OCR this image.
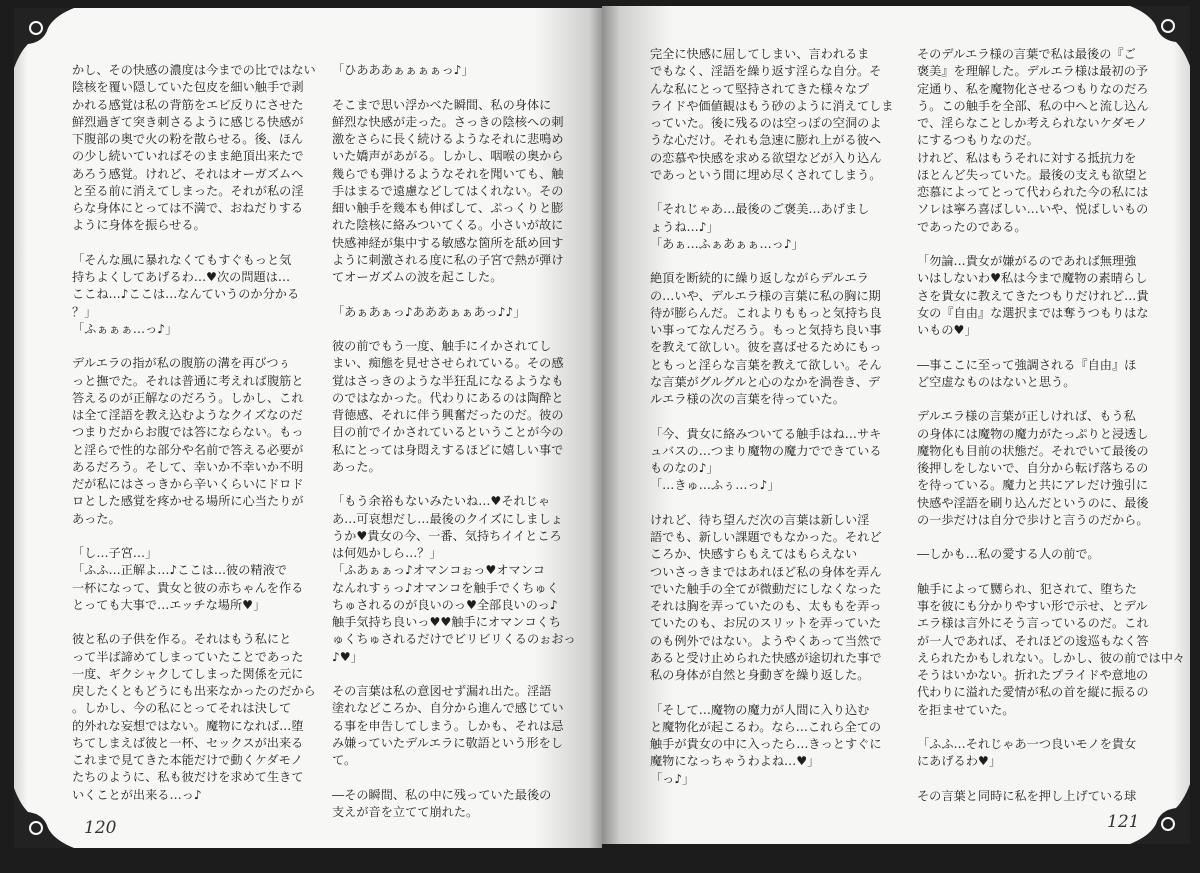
かし、その快感の濃度は今までの比ではない
陰核を覆い隠していた包皮を細い触手で剥
かれる感覚は私の背筋をエビ反りにさせた
鮮烈過ぎて突き刺さるように感じる快感が
下腹部の奥で火の粉を散らせる。後、ほん
の少し続いていればそのまま絶頂出来たで
あろう感覚。けれど、それはオーガズムへ
と至る前に消えてしまった。それが私の淫
らな身体にとっては不満で、おねだりする
ように身体を振らせる。
「そんな風に暴れなくてもすぐもっと気
持ちよくしてあげるわ…♥次の問題は…
ここね…♪ここは…なんていうのか分かる
？」
「ふぁぁぁ…っ♪」
デルエラの指が私の腹筋の溝を再びつぅ
っと撫でた。それは普通に考えれば腹筋と
答えるのが正解なのだろう。しかし、これ
は全て淫語を教え込むようなクイズなのだ
つまりだからお腹では答にならない。もっ
と淫らで性的な部分や名前で答える必要が
あるだろう。そして、幸いか不幸いか不明
だが私にはさっきから辛いくらいにドロド
ロとした感覚を疼かせる場所に心当たりが
あった。
「し…子宮…」
「ふふ…正解よ…♪ここは…彼の精液で
一杯になって、貴女と彼の赤ちゃんを作る
とっても大事で…エッチな場所♥」
彼と私の子供を作る。それはもう私にと
って半ば諦めてしまっていたことであった
一度、ギクシャクしてしまった関係を元に
戻したくともどうにも出来なかったのだから
。しかし、今の私にとってそれは決して
的外れな妄想ではない。魔物になれば…堕
ちてしまえば彼と一杯、セックスが出来る
これまで見てきた本能だけで動くケダモノ
たちのように、私も彼だけを求めて生きて
いくことが出来る…っ♪
「ひあああぁぁぁぁっ♪」
そこまで思い浮かべた瞬間、私の身体に
鮮烈な快感が走った。さっきの陰核への刺
激をさらに長く続けるようなそれに悲鳴め
いた嬌声があがる。しかし、咽喉の奥から
幾らでも弾けるようなそれを聞いても、触
手はまるで遠慮などしてはくれない。その
細い触手を幾本も伸ばして、ぷっくりと膨
れた陰核に絡みついてくる。小さいが故に
快感神経が集中する敏感な箇所を舐め回す
ように刺激される度に私の子宮で熱が弾け
てオーガズムの波を起こした。
「あぁあぁっ♪あああぁぁあっ♪♪」
彼の前でもう一度、触手にイかされてし
まい、痴態を見せさせられている。その感
覚はさっきのような半狂乱になるようなも
のではなかった。代わりにあるのは陶酔と
背徳感、それに伴う興奮だったのだ。彼の
目の前でイかされているということが今の
私にとっては身悶えするほどに嬉しい事で
あった。
「もう余裕もないみたいね…♥それじゃ
あ…可哀想だし…最後のクイズにしましょ
うか♥貴女の今、一番、気持ちイイところ
は何処かしら…？」
「ふあぁぁっ♪オマンコぉっ♥オマンコ
なんれすぅっ♪オマンコを触手でくちゅく
ちゅされるのが良いのっ♥全部良いのっ♪
触手気持ち良いっ♥♥触手にオマンコくち
ゅくちゅされるだけでビリビリくるのぉおっ
♪♥」
その言葉は私の意図せず漏れ出た。淫語
塗れなどころか、自分から進んで感じてい
る事を申告してしまう。しかも、それは忌
み嫌っていたデルエラに敬語という形をし
て。
―その瞬間、私の中に残っていた最後の
支えが音を立てて崩れた。
120
完全に快感に屈してしまい、言われるま
でもなく、淫語を繰り返す淫らな自分。そ
んな私にとって堅持されてきた様々なプ
ライドや価値観はもう砂のように消えてしま
っていた。後に残るのは空っぽの空洞のよ
うな心だけ。それも急速に膨れ上がる彼へ
の恋慕や快感を求める欲望などが入り込ん
であっという間に埋め尽くされてしまう。
「それじゃあ…最後のご褒美…あげまし
ょうね…♪」
「あぁ…ふぁあぁぁ…っ♪」
絶頂を断続的に繰り返しながらデルエラ
の…いや、デルエラ様の言葉に私の胸に期
待が膨らんだ。これよりももっと気持ち良
い事ってなんだろう。もっと気持ち良い事
を教えて欲しい。彼を喜ばせるためにもっ
ともっと淫らな言葉を教えて欲しい。そん
な言葉がグルグルと心のなかを渦巻き、デ
ルエラ様の次の言葉を待っていた。
「今、貴女に絡みついてる触手はね…サキ
ュバスの…つまり魔物の魔力でできている
ものなの♪」
「…きゅ…ふぅ…っ♪」
けれど、待ち望んだ次の言葉は新しい淫
語でも、新しい課題でもなかった。それど
ころか、快感すらもえてはもらえない
ついさっきまではあれほど私の身体を弄ん
でいた触手の全てが微動だにしなくなった
それは胸を弄っていたのも、太ももを弄っ
ていたのも、お尻のスリットを弄っていた
のも例外ではない。ようやくあって当然で
あると受け止められた快感が途切れた事で
私の身体が自然と身動ぎを繰り返した。
「そして…魔物の魔力が人間に入り込む
と魔物化が起こるわ。なら…これら全ての
触手が貴女の中に入ったら…きっとすぐに
魔物になっちゃうわよね…♥」
「っ♪」
そのデルエラ様の言葉で私は最後の『ご
褒美』を理解した。デルエラ様は最初の予
定通り、私を魔物化させるつもりなのだろ
う。この触手を全部、私の中へと流し込ん
で、淫らなことしか考えられないケダモノ
にするつもりなのだ。
けれど、私はもうそれに対する抵抗力を
ほとんど失っていた。最後の支えも欲望と
恋慕によってとって代わられた今の私には
ソレは寧ろ喜ばしい…いや、悦ばしいもの
であったのである。
「勿論…貴女が嫌がるのであれば無理強
いはしないわ♥私は今まで魔物の素晴らし
さを貴女に教えてきたつもりだけれど…貴
女の『自由』な選択までは奪うつもりはな
いもの♥」
―事ここに至って強調される『自由』ほ
ど空虚なものはないと思う。
デルエラ様の言葉が正しければ、もう私
の身体には魔物の魔力がたっぷりと浸透し
魔物化も目前の状態だ。それでいて最後の
後押しをしないで、自分から転げ落ちるの
を待っている。魔力と共にアレだけ強引に
快感や淫語を刷り込んだというのに、最後
の一歩だけは自分で歩けと言うのだから。
―しかも…私の愛する人の前で。
触手によって嬲られ、犯されて、堕ちた
事を彼にも分かりやすい形で示せ、とデル
エラ様は言外にそう言っているのだ。これ
が一人であれば、それほどの逡巡もなく答
えられたかもしれない。しかし、彼の前では中々
そうはいかない。折れたプライドや意地の
代わりに溢れた愛情が私の首を縦に振るの
を拒ませていた。
「ふふ…それじゃあ一つ良いモノを貴女
にあげるわ♥」
その言葉と同時に私を押し上げている球
121
